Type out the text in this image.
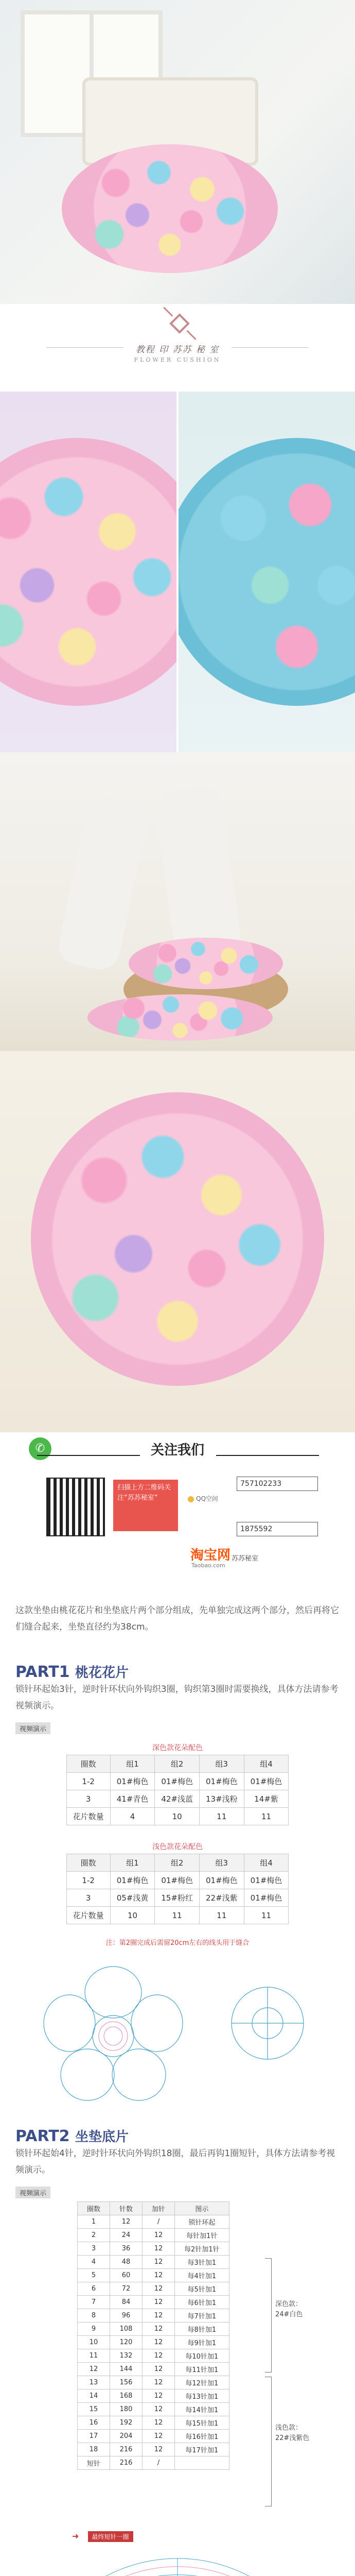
教程 印 苏苏 秘 室
FLOWER CUSHION
✆	关注我们
扫描上方二维码关注“苏苏秘室”	QQ空间
757102233
1875592
淘宝网
Taobao.com
苏苏秘室
这款坐垫由桃花花片和坐垫底片两个部分组成，先单独完成这两个部分，然后再将它们缝合起来，坐垫直径约为38cm。
PART1 桃花花片
锁针环起始3针，逆时针环状向外钩织3圈，钩织第3圈时需要换线，具体方法请参考视频演示。
视频演示
深色款花朵配色
圈数	组1	组2	组3	组4
1-2	01#梅色	01#梅色	01#梅色	01#梅色
3	41#青色	42#浅蓝	13#浅粉	14#紫
花片数量	4	10	11	11
浅色款花朵配色
圈数	组1	组2	组3	组4
1-2	01#梅色	01#梅色	01#梅色	01#梅色
3	05#浅黄	15#粉红	22#浅紫	01#梅色
花片数量	10	11	11	11
注：第2圈完成后需留20cm左右的线头用于缝合
PART2 坐垫底片
锁针环起始4针，逆时针环状向外钩织18圈，最后再钩1圈短针，具体方法请参考视频演示。
视频演示
圈数	针数	加针	图示
1	12	/	锁针环起
2	24	12	每针加1针
3	36	12	每2针加1针
4	48	12	每3针加1
5	60	12	每4针加1
6	72	12	每5针加1
7	84	12	每6针加1
8	96	12	每7针加1
9	108	12	每8针加1
10	120	12	每9针加1
11	132	12	每10针加1
12	144	12	每11针加1
13	156	12	每12针加1
14	168	12	每13针加1
15	180	12	每14针加1
16	192	12	每15针加1
17	204	12	每16针加1
18	216	12	每17针加1
短针	216	/	
深色款：
24#白色
浅色款：
22#浅紫色
➜ 最终短针一圈
